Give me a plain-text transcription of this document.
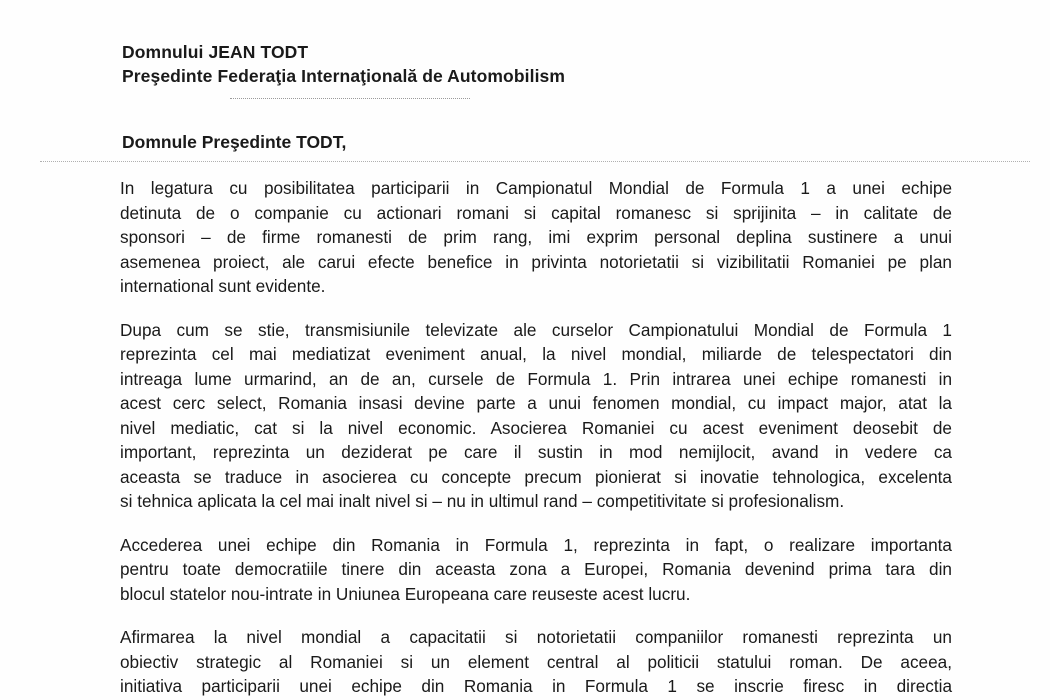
Domnului JEAN TODT
Preşedinte Federaţia Internaţională de Automobilism
Domnule Preşedinte TODT,
In legatura cu posibilitatea participarii in Campionatul Mondial de Formula 1 a unei echipe
detinuta de o companie cu actionari romani si capital romanesc si sprijinita – in calitate de
sponsori – de firme romanesti de prim rang, imi exprim personal deplina sustinere a unui
asemenea proiect, ale carui efecte benefice in privinta notorietatii si vizibilitatii Romaniei pe plan
international sunt evidente.
Dupa cum se stie, transmisiunile televizate ale curselor Campionatului Mondial de Formula 1
reprezinta cel mai mediatizat eveniment anual, la nivel mondial, miliarde de telespectatori din
intreaga lume urmarind, an de an, cursele de Formula 1. Prin intrarea unei echipe romanesti in
acest cerc select, Romania insasi devine parte a unui fenomen mondial, cu impact major, atat la
nivel mediatic, cat si la nivel economic. Asocierea Romaniei cu acest eveniment deosebit de
important, reprezinta un deziderat pe care il sustin in mod nemijlocit, avand in vedere ca
aceasta se traduce in asocierea cu concepte precum pionierat si inovatie tehnologica, excelenta
si tehnica aplicata la cel mai inalt nivel si – nu in ultimul rand – competitivitate si profesionalism.
Accederea unei echipe din Romania in Formula 1, reprezinta in fapt, o realizare importanta
pentru toate democratiile tinere din aceasta zona a Europei, Romania devenind prima tara din
blocul statelor nou-intrate in Uniunea Europeana care reuseste acest lucru.
Afirmarea la nivel mondial a capacitatii si notorietatii companiilor romanesti reprezinta un
obiectiv strategic al Romaniei si un element central al politicii statului roman. De aceea,
initiativa participarii unei echipe din Romania in Formula 1 se inscrie firesc in directia
